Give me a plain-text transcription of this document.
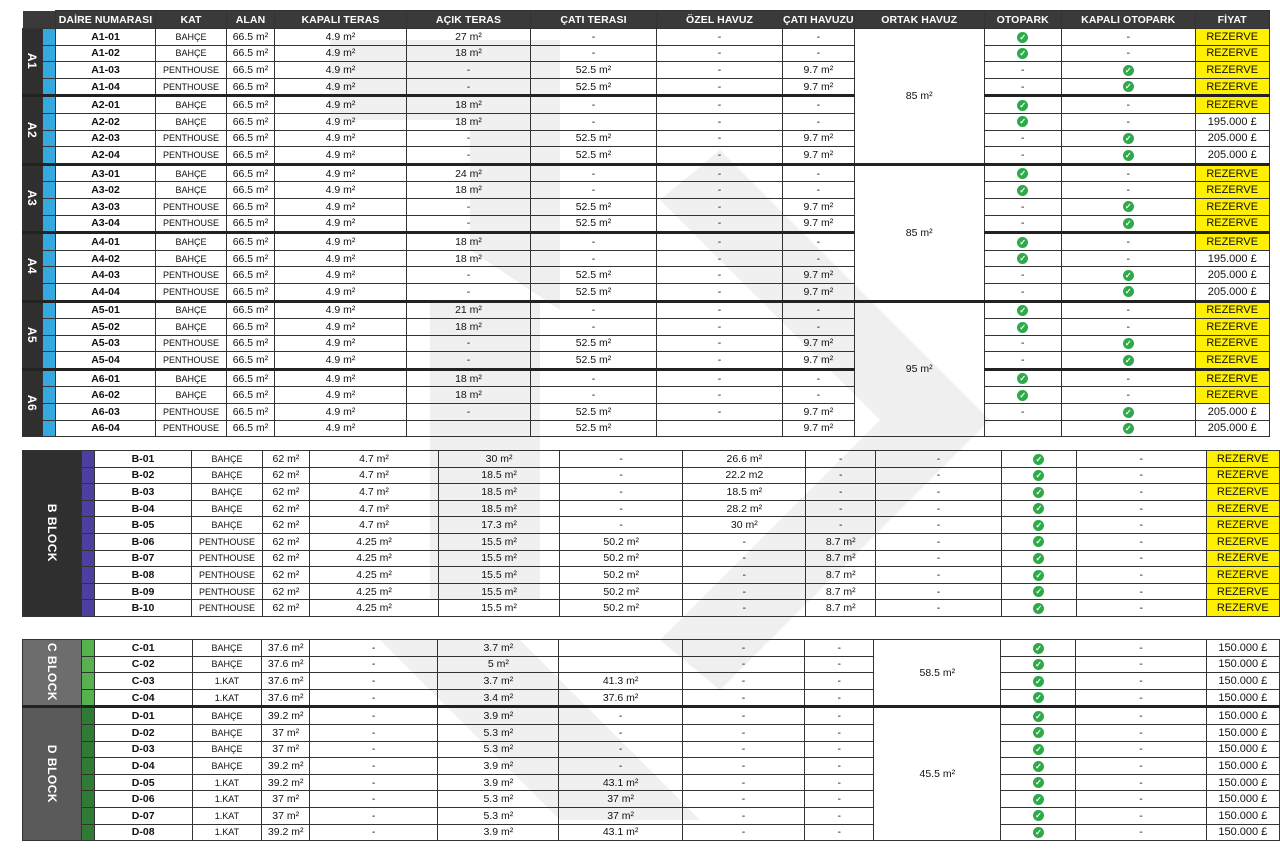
		DAİRE NUMARASI	KAT	ALAN	KAPALI TERAS	AÇIK TERAS	ÇATI TERASI	ÖZEL HAVUZ	ÇATI HAVUZU	ORTAK HAVUZ	OTOPARK	KAPALI OTOPARK	FİYAT
A1		A1-01	BAHÇE	66.5 m²	4.9 m²	27 m²	-	-	-	85 m²	✓	-	REZERVE
		A1-02	BAHÇE	66.5 m²	4.9 m²	18 m²	-	-	-		✓	-	REZERVE
		A1-03	PENTHOUSE	66.5 m²	4.9 m²	-	52.5 m²	-	9.7 m²		-	✓	REZERVE
		A1-04	PENTHOUSE	66.5 m²	4.9 m²	-	52.5 m²	-	9.7 m²		-	✓	REZERVE
A2		A2-01	BAHÇE	66.5 m²	4.9 m²	18 m²	-	-	-		✓	-	REZERVE
		A2-02	BAHÇE	66.5 m²	4.9 m²	18 m²	-	-	-		✓	-	195.000 £
		A2-03	PENTHOUSE	66.5 m²	4.9 m²	-	52.5 m²	-	9.7 m²		-	✓	205.000 £
		A2-04	PENTHOUSE	66.5 m²	4.9 m²	-	52.5 m²	-	9.7 m²		-	✓	205.000 £
A3		A3-01	BAHÇE	66.5 m²	4.9 m²	24 m²	-	-	-	85 m²	✓	-	REZERVE
		A3-02	BAHÇE	66.5 m²	4.9 m²	18 m²	-	-	-		✓	-	REZERVE
		A3-03	PENTHOUSE	66.5 m²	4.9 m²	-	52.5 m²	-	9.7 m²		-	✓	REZERVE
		A3-04	PENTHOUSE	66.5 m²	4.9 m²	-	52.5 m²	-	9.7 m²		-	✓	REZERVE
A4		A4-01	BAHÇE	66.5 m²	4.9 m²	18 m²	-	-	-		✓	-	REZERVE
		A4-02	BAHÇE	66.5 m²	4.9 m²	18 m²	-	-	-		✓	-	195.000 £
		A4-03	PENTHOUSE	66.5 m²	4.9 m²	-	52.5 m²	-	9.7 m²		-	✓	205.000 £
		A4-04	PENTHOUSE	66.5 m²	4.9 m²	-	52.5 m²	-	9.7 m²		-	✓	205.000 £
A5		A5-01	BAHÇE	66.5 m²	4.9 m²	21 m²	-	-	-	95 m²	✓	-	REZERVE
		A5-02	BAHÇE	66.5 m²	4.9 m²	18 m²	-	-	-		✓	-	REZERVE
		A5-03	PENTHOUSE	66.5 m²	4.9 m²	-	52.5 m²	-	9.7 m²		-	✓	REZERVE
		A5-04	PENTHOUSE	66.5 m²	4.9 m²	-	52.5 m²	-	9.7 m²		-	✓	REZERVE
A6		A6-01	BAHÇE	66.5 m²	4.9 m²	18 m²	-	-	-		✓	-	REZERVE
		A6-02	BAHÇE	66.5 m²	4.9 m²	18 m²	-	-	-		✓	-	REZERVE
		A6-03	PENTHOUSE	66.5 m²	4.9 m²	-	52.5 m²	-	9.7 m²		-	✓	205.000 £
		A6-04	PENTHOUSE	66.5 m²	4.9 m²		52.5 m²		9.7 m²			✓	205.000 £
B BLOCK		B-01	BAHÇE	62 m²	4.7 m²	30 m²	-	26.6 m²	-	-	✓	-	REZERVE
		B-02	BAHÇE	62 m²	4.7 m²	18.5 m²	-	22.2 m2	-	-	✓	-	REZERVE
		B-03	BAHÇE	62 m²	4.7 m²	18.5 m²	-	18.5 m²	-	-	✓	-	REZERVE
		B-04	BAHÇE	62 m²	4.7 m²	18.5 m²	-	28.2 m²	-	-	✓	-	REZERVE
		B-05	BAHÇE	62 m²	4.7 m²	17.3 m²	-	30 m²	-	-	✓	-	REZERVE
		B-06	PENTHOUSE	62 m²	4.25 m²	15.5 m²	50.2 m²	-	8.7 m²	-	✓	-	REZERVE
		B-07	PENTHOUSE	62 m²	4.25 m²	15.5 m²	50.2 m²	-	8.7 m²	-	✓	-	REZERVE
		B-08	PENTHOUSE	62 m²	4.25 m²	15.5 m²	50.2 m²	-	8.7 m²	-	✓	-	REZERVE
		B-09	PENTHOUSE	62 m²	4.25 m²	15.5 m²	50.2 m²	-	8.7 m²	-	✓	-	REZERVE
		B-10	PENTHOUSE	62 m²	4.25 m²	15.5 m²	50.2 m²	-	8.7 m²	-	✓	-	REZERVE
C BLOCK		C-01	BAHÇE	37.6 m²	-	3.7 m²		-	-	58.5 m²	✓	-	150.000 £
		C-02	BAHÇE	37.6 m²	-	5 m²		-	-		✓	-	150.000 £
		C-03	1.KAT	37.6 m²	-	3.7 m²	41.3 m²	-	-		✓	-	150.000 £
		C-04	1.KAT	37.6 m²	-	3.4 m²	37.6 m²	-	-		✓	-	150.000 £
D BLOCK		D-01	BAHÇE	39.2 m²	-	3.9 m²	-	-	-	45.5 m²	✓	-	150.000 £
		D-02	BAHÇE	37 m²	-	5.3 m²	-	-	-		✓	-	150.000 £
		D-03	BAHÇE	37 m²	-	5.3 m²	-	-	-		✓	-	150.000 £
		D-04	BAHÇE	39.2 m²	-	3.9 m²	-	-	-		✓	-	150.000 £
		D-05	1.KAT	39.2 m²	-	3.9 m²	43.1 m²	-	-		✓	-	150.000 £
		D-06	1.KAT	37 m²	-	5.3 m²	37 m²	-	-		✓	-	150.000 £
		D-07	1.KAT	37 m²	-	5.3 m²	37 m²	-	-		✓	-	150.000 £
		D-08	1.KAT	39.2 m²	-	3.9 m²	43.1 m²	-	-		✓	-	150.000 £
